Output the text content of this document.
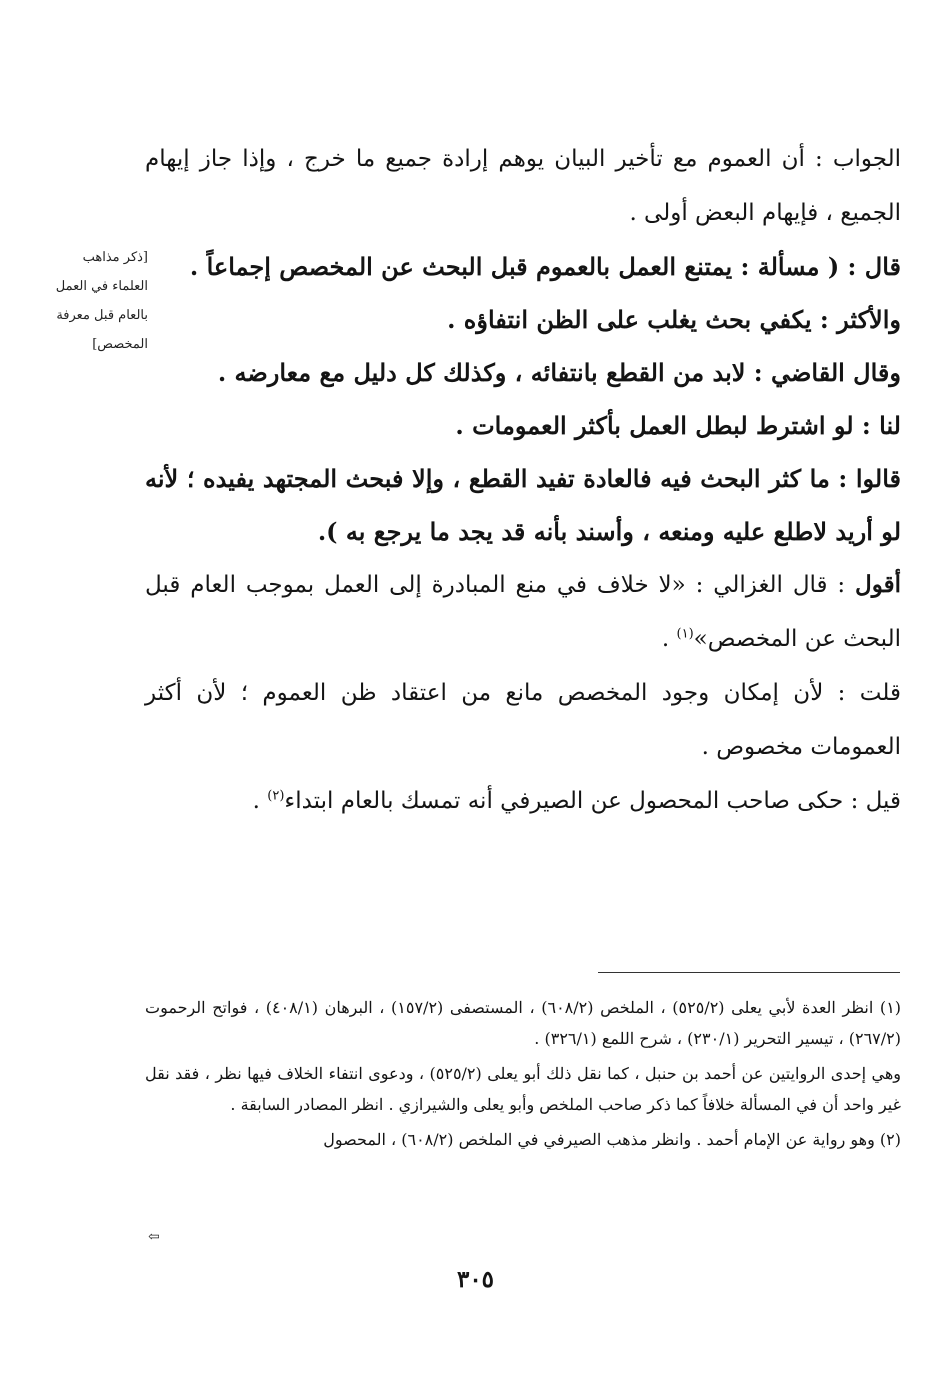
الجواب : أن العموم مع تأخير البيان يوهم إرادة جميع ما خرج ، وإذا جاز إيهام الجميع ، فإيهام البعض أولى .

قال : ( مسألة : يمتنع العمل بالعموم قبل البحث عن المخصص إجماعاً .

والأكثر : يكفي بحث يغلب على الظن انتفاؤه .

وقال القاضي : لابد من القطع بانتفائه ، وكذلك كل دليل مع معارضه .

لنا : لو اشترط لبطل العمل بأكثر العمومات .

قالوا : ما كثر البحث فيه فالعادة تفيد القطع ، وإلا فبحث المجتهد يفيده ؛ لأنه لو أريد لاطلع عليه ومنعه ، وأسند بأنه قد يجد ما يرجع به ).

أقول : قال الغزالي : «لا خلاف في منع المبادرة إلى العمل بموجب العام قبل البحث عن المخصص»$^{(١)}$ .

قلت : لأن إمكان وجود المخصص مانع من اعتقاد ظن العموم ؛ لأن أكثر العمومات مخصوص .

قيل : حكى صاحب المحصول عن الصيرفي أنه تمسك بالعام ابتداء$^{(٢)}$ .

[ذكر مذاهب العلماء في العمل بالعام قبل معرفة المخصص]

(١) انظر العدة لأبي يعلى (٥٢٥/٢) ، الملخص (٦٠٨/٢) ، المستصفى (١٥٧/٢) ، البرهان (٤٠٨/١) ، فواتح الرحموت (٢٦٧/٢) ، تيسير التحرير (٢٣٠/١) ، شرح اللمع (٣٢٦/١) .

وهي إحدى الروايتين عن أحمد بن حنبل ، كما نقل ذلك أبو يعلى (٥٢٥/٢) ، ودعوى انتفاء الخلاف فيها نظر ، فقد نقل غير واحد أن في المسألة خلافاً كما ذكر صاحب الملخص وأبو يعلى والشيرازي . انظر المصادر السابقة .

(٢) وهو رواية عن الإمام أحمد . وانظر مذهب الصيرفي في الملخص (٦٠٨/٢) ، المحصول

⇦
٣٠٥
